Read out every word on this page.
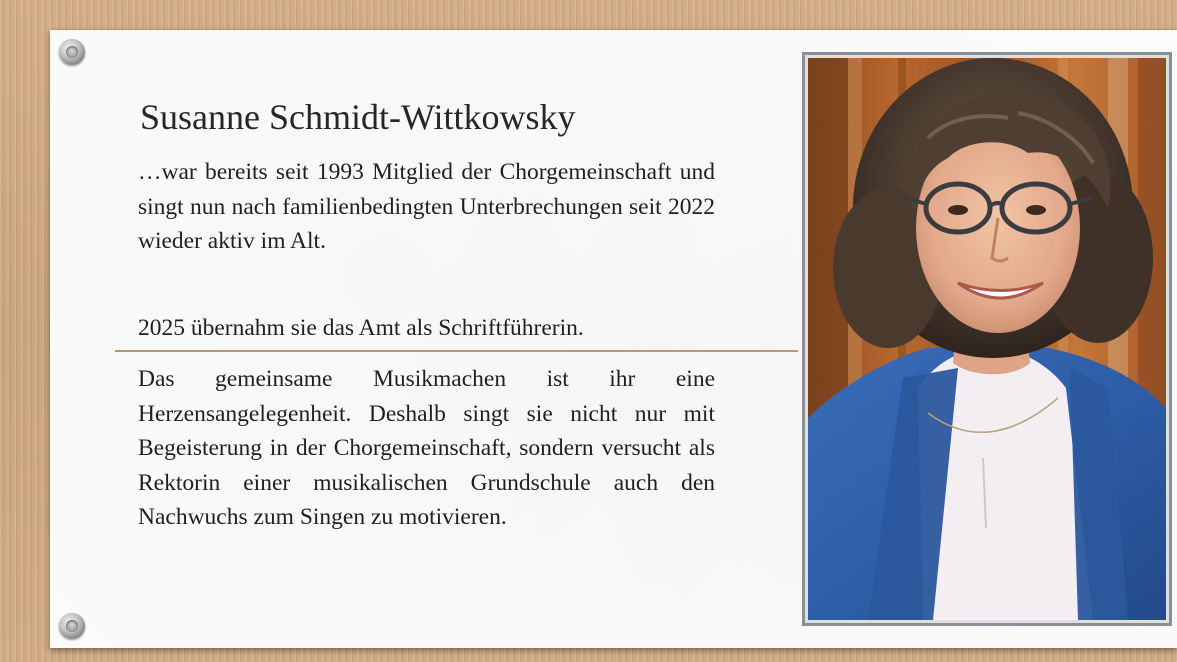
Susanne Schmidt-Wittkowsky

…war bereits seit 1993 Mitglied der Chorgemeinschaft und singt nun nach familienbedingten Unterbrechungen seit 2022 wieder aktiv im Alt.

2025 übernahm sie das Amt als Schriftführerin.

Das gemeinsame Musikmachen ist ihr eine Herzensangelegenheit. Deshalb singt sie nicht nur mit Begeisterung in der Chorgemeinschaft, sondern versucht als Rektorin einer musikalischen Grundschule auch den Nachwuchs zum Singen zu motivieren.
